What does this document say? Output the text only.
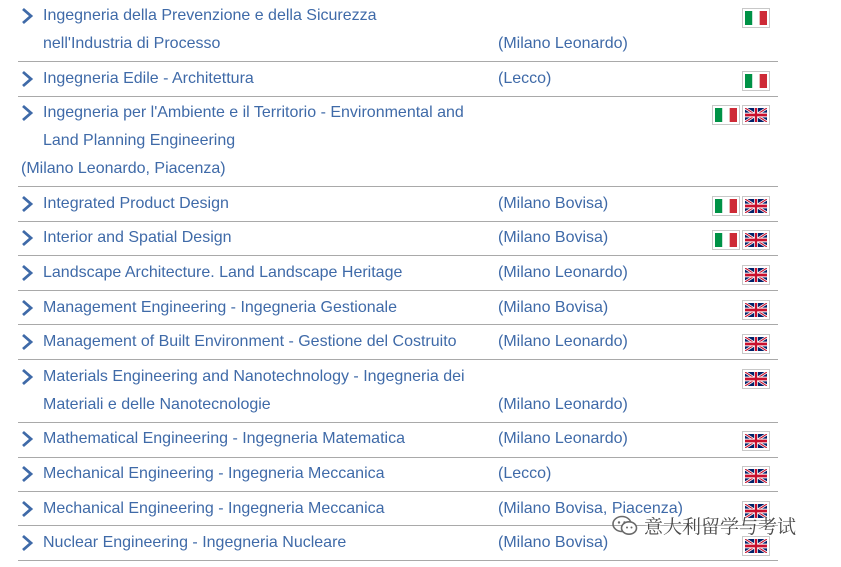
Ingegneria della Prevenzione e della Sicurezza
nell'Industria di Processo	(Milano Leonardo)
Ingegneria Edile - Architettura	(Lecco)
Ingegneria per l'Ambiente e il Territorio - Environmental and
Land Planning Engineering
(Milano Leonardo, Piacenza)
Integrated Product Design	(Milano Bovisa)
Interior and Spatial Design	(Milano Bovisa)
Landscape Architecture. Land Landscape Heritage	(Milano Leonardo)
Management Engineering - Ingegneria Gestionale	(Milano Bovisa)
Management of Built Environment - Gestione del Costruito	(Milano Leonardo)
Materials Engineering and Nanotechnology - Ingegneria dei
Materiali e delle Nanotecnologie	(Milano Leonardo)
Mathematical Engineering - Ingegneria Matematica	(Milano Leonardo)
Mechanical Engineering - Ingegneria Meccanica	(Lecco)
Mechanical Engineering - Ingegneria Meccanica	(Milano Bovisa, Piacenza)
Nuclear Engineering - Ingegneria Nucleare	(Milano Bovisa)
意大利留学与考试
